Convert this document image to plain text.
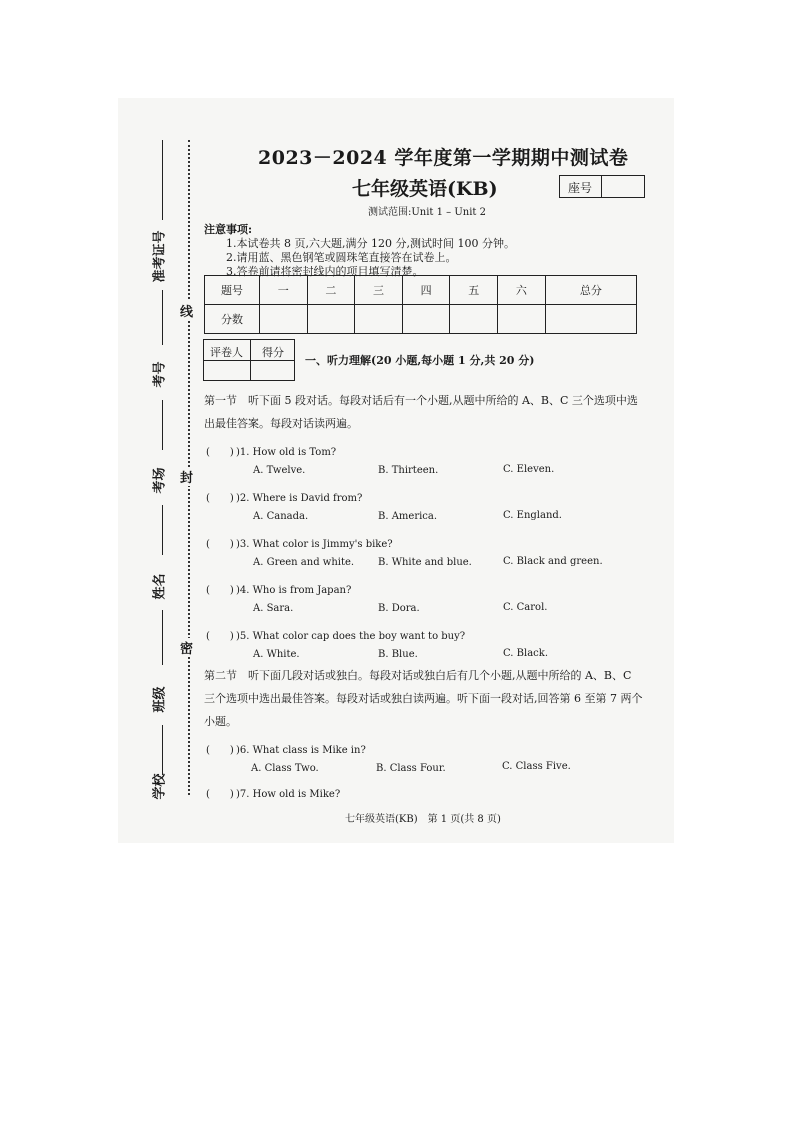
准考证号
考号
考场
姓名
班级
学校
线
封
密
2023－2024 学年度第一学期期中测试卷
七年级英语(KB)	座号
测试范围:Unit 1 – Unit 2
注意事项:
1.本试卷共 8 页,六大题,满分 120 分,测试时间 100 分钟。
2.请用蓝、黑色钢笔或圆珠笔直接答在试卷上。
3.答卷前请将密封线内的项目填写清楚。
题号	一	二	三	四	五	六	总分
分数							
评卷人 得分
一、听力理解(20 小题,每小题 1 分,共 20 分)
第一节　听下面 5 段对话。每段对话后有一个小题,从题中所给的 A、B、C 三个选项中选出最佳答案。每段对话读两遍。
(　　) )1. How old is Tom?
A. Twelve.	B. Thirteen.	C. Eleven.
(　　) )2. Where is David from?
A. Canada.	B. America.	C. England.
(　　) )3. What color is Jimmy's bike?
A. Green and white. B. White and blue.	C. Black and green.
(　　) )4. Who is from Japan?
A. Sara.	B. Dora.	C. Carol.
(　　) )5. What color cap does the boy want to buy?
A. White.	B. Blue.	C. Black.
第二节　听下面几段对话或独白。每段对话或独白后有几个小题,从题中所给的 A、B、C 三个选项中选出最佳答案。每段对话或独白读两遍。听下面一段对话,回答第 6 至第 7 两个小题。
(　　) )6. What class is Mike in?
A. Class Two.	B. Class Four.	C. Class Five.
(　　) )7. How old is Mike?
七年级英语(KB)　第 1 页(共 8 页)
